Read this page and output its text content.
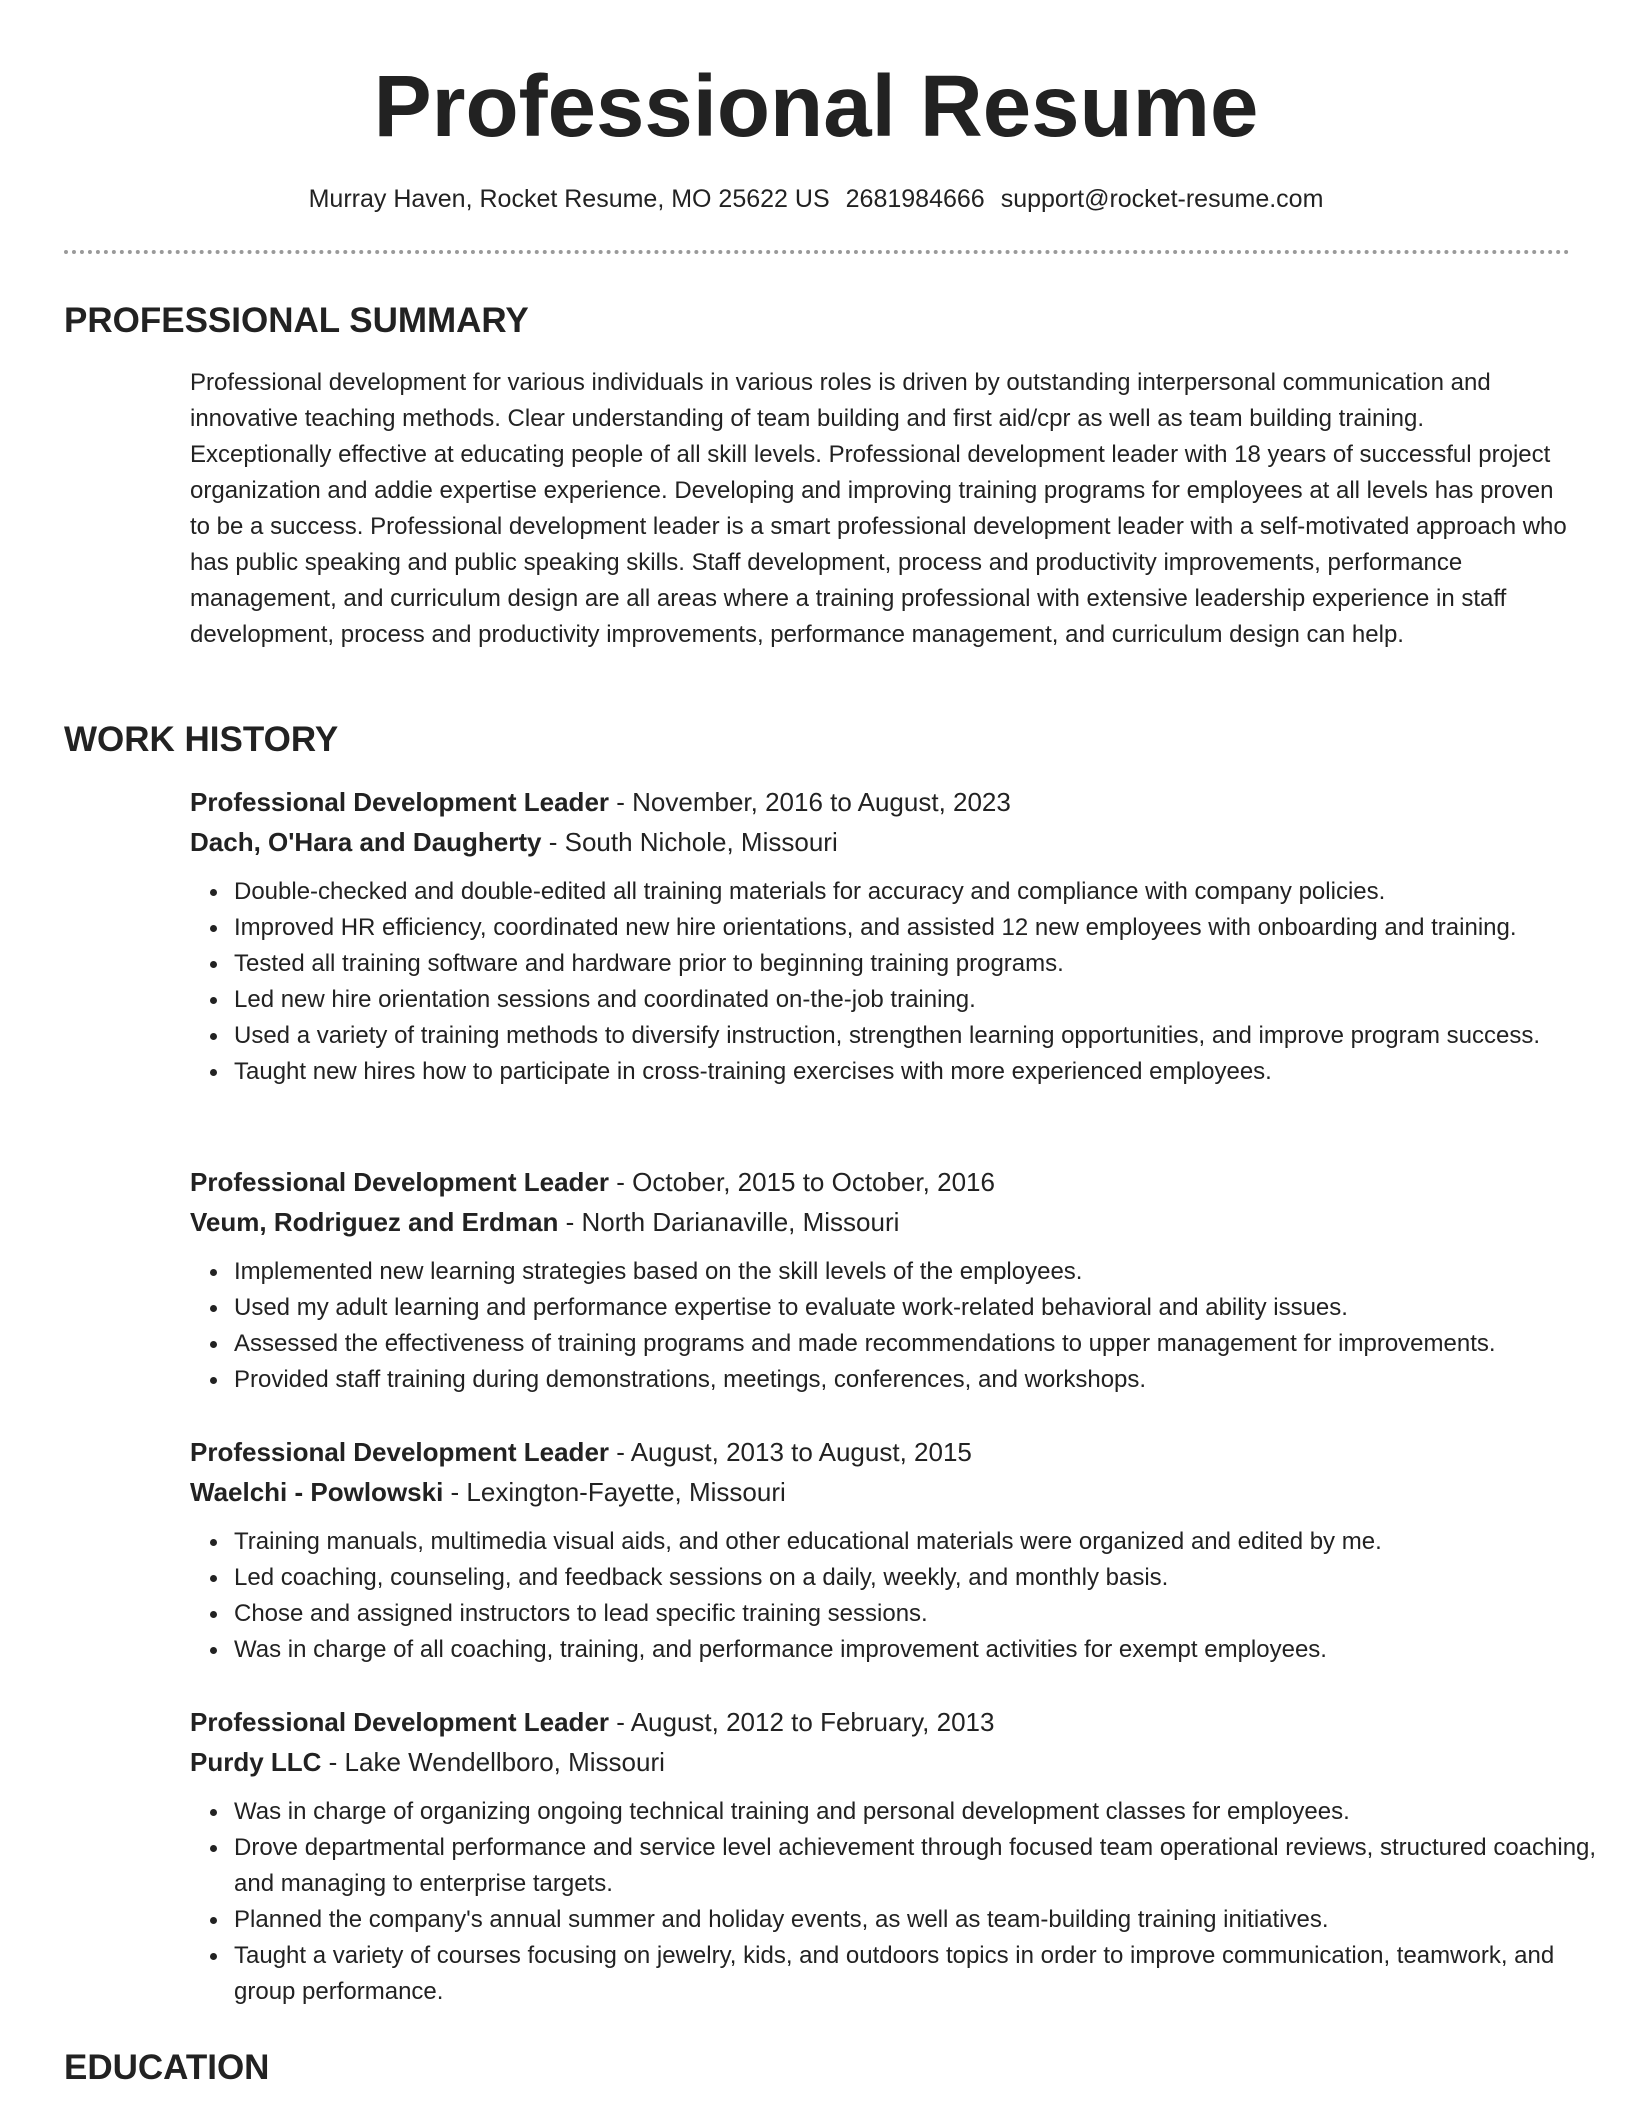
Professional Resume
Murray Haven, Rocket Resume, MO 25622 US 2681984666 support@rocket-resume.com
PROFESSIONAL SUMMARY

Professional development for various individuals in various roles is driven by outstanding interpersonal communication and innovative teaching methods. Clear understanding of team building and first aid/cpr as well as team building training. Exceptionally effective at educating people of all skill levels. Professional development leader with 18 years of successful project organization and addie expertise experience. Developing and improving training programs for employees at all levels has proven to be a success. Professional development leader is a smart professional development leader with a self-motivated approach who has public speaking and public speaking skills. Staff development, process and productivity improvements, performance management, and curriculum design are all areas where a training professional with extensive leadership experience in staff development, process and productivity improvements, performance management, and curriculum design can help.

WORK HISTORY
Professional Development Leader - November, 2016 to August, 2023
Dach, O'Hara and Daugherty - South Nichole, Missouri
Double-checked and double-edited all training materials for accuracy and compliance with company policies.
Improved HR efficiency, coordinated new hire orientations, and assisted 12 new employees with onboarding and training.
Tested all training software and hardware prior to beginning training programs.
Led new hire orientation sessions and coordinated on-the-job training.
Used a variety of training methods to diversify instruction, strengthen learning opportunities, and improve program success.
Taught new hires how to participate in cross-training exercises with more experienced employees.
Professional Development Leader - October, 2015 to October, 2016
Veum, Rodriguez and Erdman - North Darianaville, Missouri
Implemented new learning strategies based on the skill levels of the employees.
Used my adult learning and performance expertise to evaluate work-related behavioral and ability issues.
Assessed the effectiveness of training programs and made recommendations to upper management for improvements.
Provided staff training during demonstrations, meetings, conferences, and workshops.
Professional Development Leader - August, 2013 to August, 2015
Waelchi - Powlowski - Lexington-Fayette, Missouri
Training manuals, multimedia visual aids, and other educational materials were organized and edited by me.
Led coaching, counseling, and feedback sessions on a daily, weekly, and monthly basis.
Chose and assigned instructors to lead specific training sessions.
Was in charge of all coaching, training, and performance improvement activities for exempt employees.
Professional Development Leader - August, 2012 to February, 2013
Purdy LLC - Lake Wendellboro, Missouri
Was in charge of organizing ongoing technical training and personal development classes for employees.
Drove departmental performance and service level achievement through focused team operational reviews, structured coaching, and managing to enterprise targets.
Planned the company's annual summer and holiday events, as well as team-building training initiatives.
Taught a variety of courses focusing on jewelry, kids, and outdoors topics in order to improve communication, teamwork, and group performance.
EDUCATION
